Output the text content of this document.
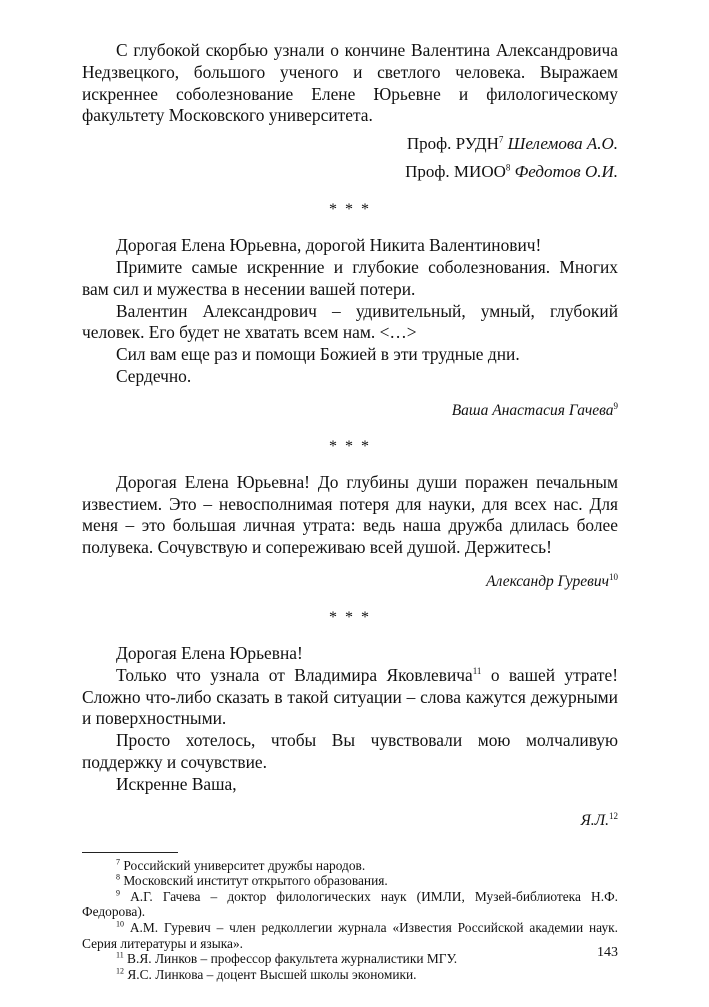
С глубокой скорбью узнали о кончине Валентина Александровича Недзвецкого, большого ученого и светлого человека. Выражаем искреннее соболезнование Елене Юрьевне и филологическому факультету Московского университета.

Проф. РУДН$^7$ Шелемова А.О.

Проф. МИОО$^8$ Федотов О.И.

* * *

Дорогая Елена Юрьевна, дорогой Никита Валентинович!

Примите самые искренние и глубокие соболезнования. Многих вам сил и мужества в несении вашей потери.

Валентин Александрович – удивительный, умный, глубокий человек. Его будет не хватать всем нам. <…>

Сил вам еще раз и помощи Божией в эти трудные дни.

Сердечно.

Ваша Анастасия Гачева$^9$

* * *

Дорогая Елена Юрьевна! До глубины души поражен печальным известием. Это – невосполнимая потеря для науки, для всех нас. Для меня – это большая личная утрата: ведь наша дружба длилась более полувека. Сочувствую и сопереживаю всей душой. Держитесь!

Александр Гуревич$^{10}$

* * *

Дорогая Елена Юрьевна!

Только что узнала от Владимира Яковлевича$^{11}$ о вашей утрате! Сложно что-либо сказать в такой ситуации – слова кажутся дежурными и поверхностными.

Просто хотелось, чтобы Вы чувствовали мою молчаливую поддержку и сочувствие.

Искренне Ваша,

Я.Л.$^{12}$

$^7$ Российский университет дружбы народов.

$^8$ Московский институт открытого образования.

$^9$ А.Г. Гачева – доктор филологических наук (ИМЛИ, Музей-библиотека Н.Ф. Федорова).

$^{10}$ А.М. Гуревич – член редколлегии журнала «Известия Российской академии наук. Серия литературы и языка».

$^{11}$ В.Я. Линков – профессор факультета журналистики МГУ.

$^{12}$ Я.С. Линкова – доцент Высшей школы экономики.

143
